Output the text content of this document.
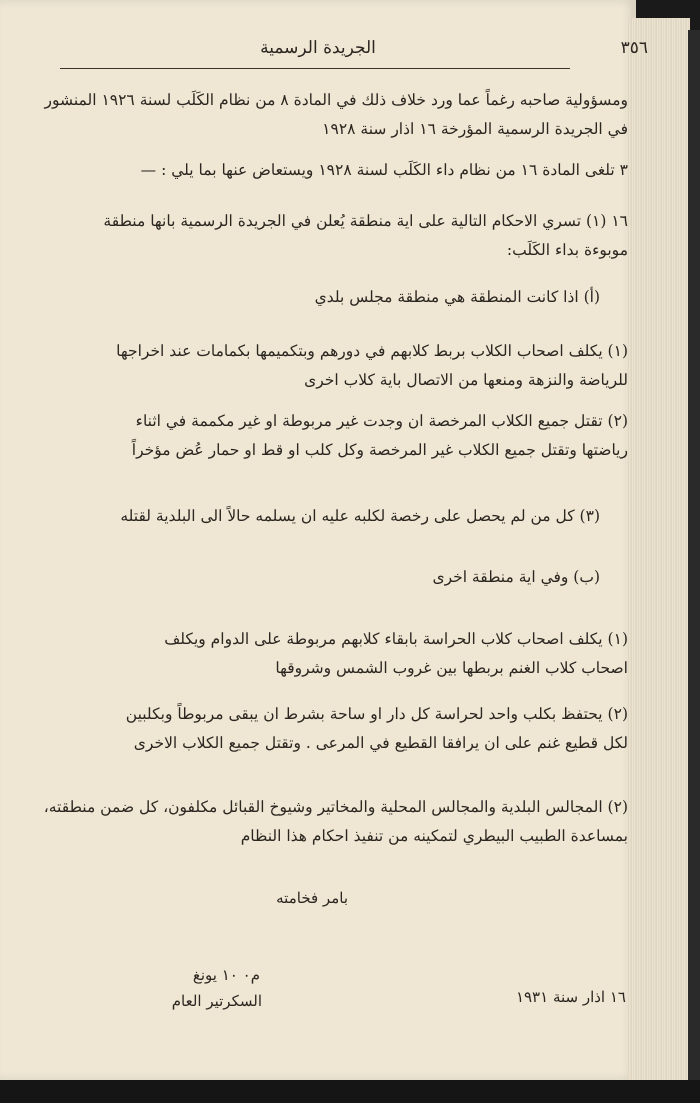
٣٥٦
الجريدة الرسمية
ومسؤولية صاحبه رغماً عما ورد خلاف ذلك في المادة ٨ من نظام الكَلَب لسنة ١٩٢٦ المنشور
في الجريدة الرسمية المؤرخة ١٦ اذار سنة ١٩٢٨
٣ تلغى المادة ١٦ من نظام داء الكَلَب لسنة ١٩٢٨ ويستعاض عنها بما يلي : —
١٦ (١) تسري الاحكام التالية على اية منطقة يُعلن في الجريدة الرسمية بانها منطقة
موبوءة بداء الكَلَب:
(أ) اذا كانت المنطقة هي منطقة مجلس بلدي
(١) يكلف اصحاب الكلاب بربط كلابهم في دورهم وبتكميمها بكمامات عند اخراجها
للرياضة والنزهة ومنعها من الاتصال باية كلاب اخرى
(٢) تقتل جميع الكلاب المرخصة ان وجدت غير مربوطة او غير مكممة في اثناء
رياضتها وتقتل جميع الكلاب غير المرخصة وكل كلب او قط او حمار عُض مؤخراً
(٣) كل من لم يحصل على رخصة لكلبه عليه ان يسلمه حالاً الى البلدية لقتله
(ب) وفي اية منطقة اخرى
(١) يكلف اصحاب كلاب الحراسة بابقاء كلابهم مربوطة على الدوام ويكلف
اصحاب كلاب الغنم بربطها بين غروب الشمس وشروقها
(٢) يحتفظ بكلب واحد لحراسة كل دار او ساحة بشرط ان يبقى مربوطاً وبكلبين
لكل قطيع غنم على ان يرافقا القطيع في المرعى . وتقتل جميع الكلاب الاخرى
(٢) المجالس البلدية والمجالس المحلية والمخاتير وشيوخ القبائل مكلفون، كل ضمن منطقته،
بمساعدة الطبيب البيطري لتمكينه من تنفيذ احكام هذا النظام
بامر فخامته
م٠ ١٠ يونغ
السكرتير العام	١٦ اذار سنة ١٩٣١
